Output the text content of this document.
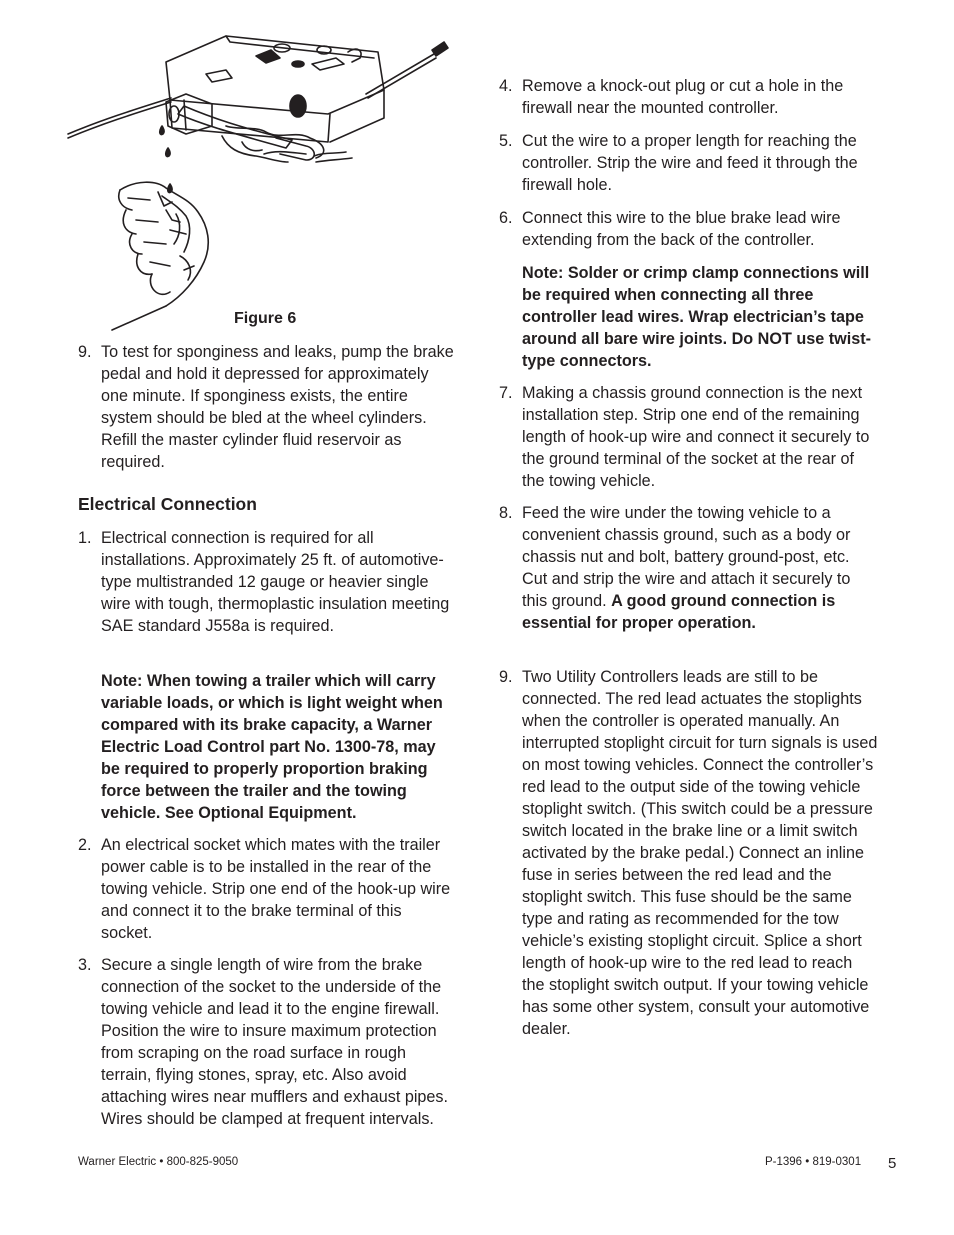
Figure 6
9. To test for sponginess and leaks, pump the brake pedal and hold it depressed for approximately one minute. If sponginess exists, the entire system should be bled at the wheel cylinders. Refill the master cylinder fluid reservoir as required.
Electrical Connection
1. Electrical connection is required for all installations. Approximately 25 ft. of automotive-type multistranded 12 gauge or heavier single wire with tough, thermoplastic insulation meeting SAE standard J558a is required.
Note: When towing a trailer which will carry variable loads, or which is light weight when compared with its brake capacity, a Warner Electric Load Control part No. 1300-78, may be required to properly proportion braking force between the trailer and the towing vehicle. See Optional Equipment.
2. An electrical socket which mates with the trailer power cable is to be installed in the rear of the towing vehicle. Strip one end of the hook-up wire and connect it to the brake terminal of this socket.
3. Secure a single length of wire from the brake connection of the socket to the underside of the towing vehicle and lead it to the engine firewall. Position the wire to insure maximum protection from scraping on the road surface in rough terrain, flying stones, spray, etc. Also avoid attaching wires near mufflers and exhaust pipes. Wires should be clamped at frequent intervals.
4. Remove a knock-out plug or cut a hole in the firewall near the mounted controller.
5. Cut the wire to a proper length for reaching the controller. Strip the wire and feed it through the firewall hole.
6. Connect this wire to the blue brake lead wire extending from the back of the controller.
Note: Solder or crimp clamp connections will be required when connecting all three controller lead wires. Wrap electrician’s tape around all bare wire joints. Do NOT use twist-type connectors.
7. Making a chassis ground connection is the next installation step. Strip one end of the remaining length of hook-up wire and connect it securely to the ground terminal of the socket at the rear of the towing vehicle.
8. Feed the wire under the towing vehicle to a convenient chassis ground, such as a body or chassis nut and bolt, battery ground-post, etc. Cut and strip the wire and attach it securely to this ground. A good ground connection is essential for proper operation.
9. Two Utility Controllers leads are still to be connected. The red lead actuates the stoplights when the controller is operated manually. An interrupted stoplight circuit for turn signals is used on most towing vehicles. Connect the controller’s red lead to the output side of the towing vehicle stoplight switch. (This switch could be a pressure switch located in the brake line or a limit switch activated by the brake pedal.) Connect an inline fuse in series between the red lead and the stoplight switch. This fuse should be the same type and rating as recommended for the tow vehicle’s existing stoplight circuit. Splice a short length of hook-up wire to the red lead to reach the stoplight switch output. If your towing vehicle has some other system, consult your automotive dealer.
Warner Electric • 800-825-9050	P-1396 • 819-0301 5
